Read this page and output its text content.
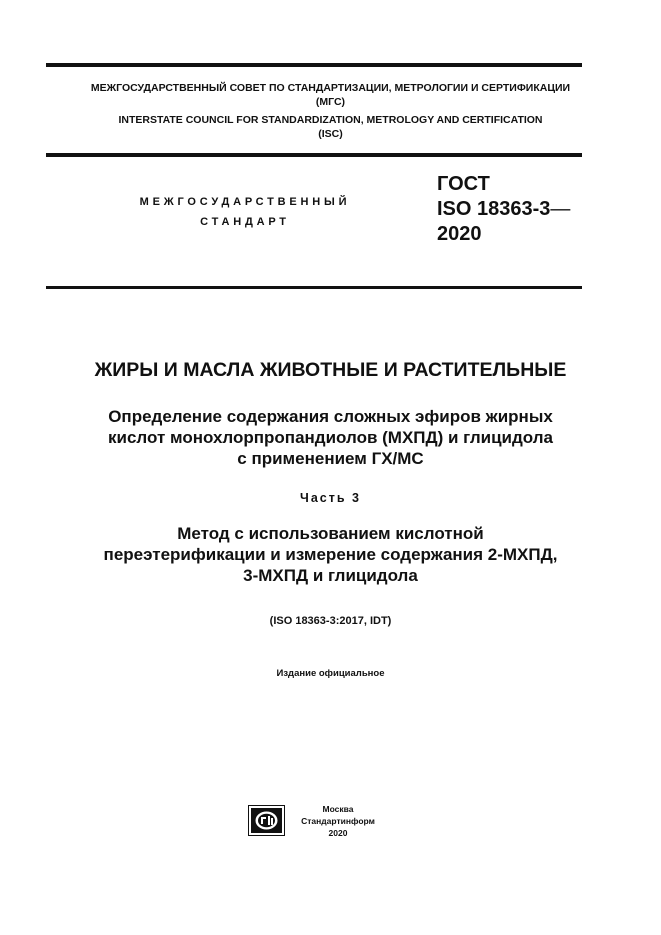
МЕЖГОСУДАРСТВЕННЫЙ СОВЕТ ПО СТАНДАРТИЗАЦИИ, МЕТРОЛОГИИ И СЕРТИФИКАЦИИ
(МГС)
INTERSTATE COUNCIL FOR STANDARDIZATION, METROLOGY AND CERTIFICATION
(ISC)
МЕЖГОСУДАРСТВЕННЫЙ
СТАНДАРТ
ГОСТ
ISO 18363-3—
2020
ЖИРЫ И МАСЛА ЖИВОТНЫЕ И РАСТИТЕЛЬНЫЕ
Определение содержания сложных эфиров жирных
кислот монохлорпропандиолов (МХПД) и глицидола
с применением ГХ/МС
Часть 3
Метод с использованием кислотной
переэтерификации и измерение содержания 2-МХПД,
3-МХПД и глицидола
(ISO 18363-3:2017, IDT)
Издание официальное
Москва
Стандартинформ
2020
